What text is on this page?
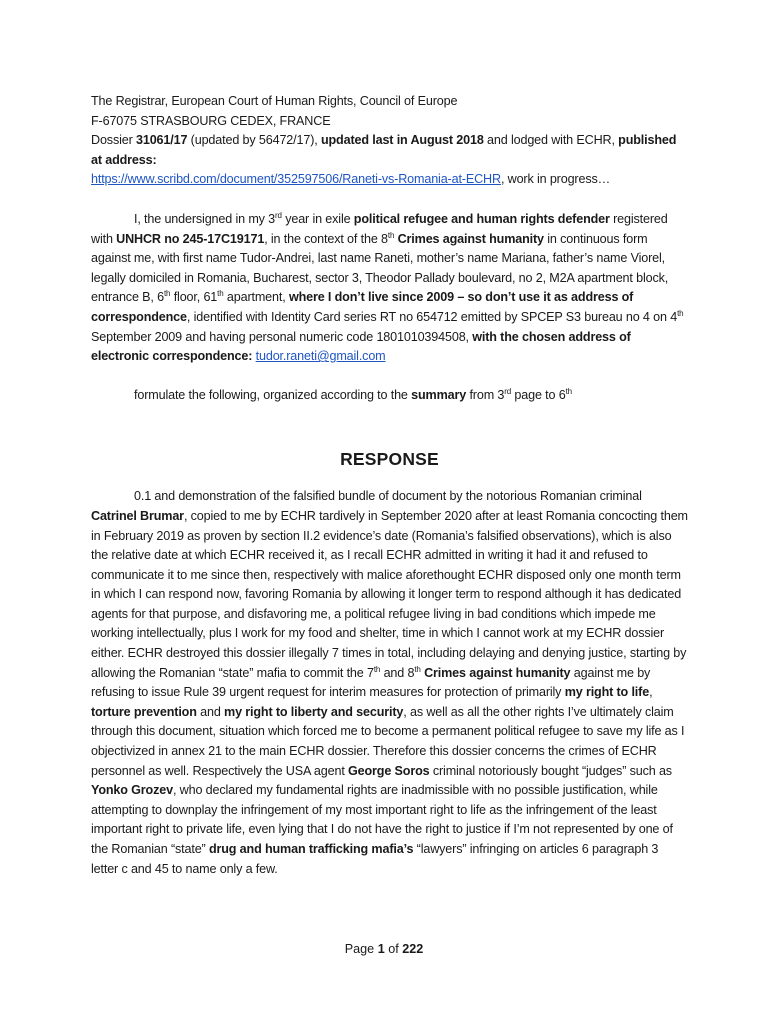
The Registrar, European Court of Human Rights, Council of Europe
F-67075 STRASBOURG CEDEX, FRANCE
Dossier 31061/17 (updated by 56472/17), updated last in August 2018 and lodged with ECHR, published at address:
https://www.scribd.com/document/352597506/Raneti-vs-Romania-at-ECHR, work in progress…

I, the undersigned in my 3rd year in exile political refugee and human rights defender registered with UNHCR no 245-17C19171, in the context of the 8th Crimes against humanity in continuous form against me, with first name Tudor-Andrei, last name Raneti, mother’s name Mariana, father’s name Viorel, legally domiciled in Romania, Bucharest, sector 3, Theodor Pallady boulevard, no 2, M2A apartment block, entrance B, 6th floor, 61th apartment, where I don’t live since 2009 – so don’t use it as address of correspondence, identified with Identity Card series RT no 654712 emitted by SPCEP S3 bureau no 4 on 4th September 2009 and having personal numeric code 1801010394508, with the chosen address of electronic correspondence: tudor.raneti@gmail.com

formulate the following, organized according to the summary from 3rd page to 6th

RESPONSE

0.1 and demonstration of the falsified bundle of document by the notorious Romanian criminal Catrinel Brumar, copied to me by ECHR tardively in September 2020 after at least Romania concocting them in February 2019 as proven by section II.2 evidence’s date (Romania’s falsified observations), which is also the relative date at which ECHR received it, as I recall ECHR admitted in writing it had it and refused to communicate it to me since then, respectively with malice aforethought ECHR disposed only one month term in which I can respond now, favoring Romania by allowing it longer term to respond although it has dedicated agents for that purpose, and disfavoring me, a political refugee living in bad conditions which impede me working intellectually, plus I work for my food and shelter, time in which I cannot work at my ECHR dossier either. ECHR destroyed this dossier illegally 7 times in total, including delaying and denying justice, starting by allowing the Romanian “state” mafia to commit the 7th and 8th Crimes against humanity against me by refusing to issue Rule 39 urgent request for interim measures for protection of primarily my right to life, torture prevention and my right to liberty and security, as well as all the other rights I’ve ultimately claim through this document, situation which forced me to become a permanent political refugee to save my life as I objectivized in annex 21 to the main ECHR dossier. Therefore this dossier concerns the crimes of ECHR personnel as well. Respectively the USA agent George Soros criminal notoriously bought “judges” such as Yonko Grozev, who declared my fundamental rights are inadmissible with no possible justification, while attempting to downplay the infringement of my most important right to life as the infringement of the least important right to private life, even lying that I do not have the right to justice if I’m not represented by one of the Romanian “state” drug and human trafficking mafia’s “lawyers” infringing on articles 6 paragraph 3 letter c and 45 to name only a few.

Page 1 of 222
